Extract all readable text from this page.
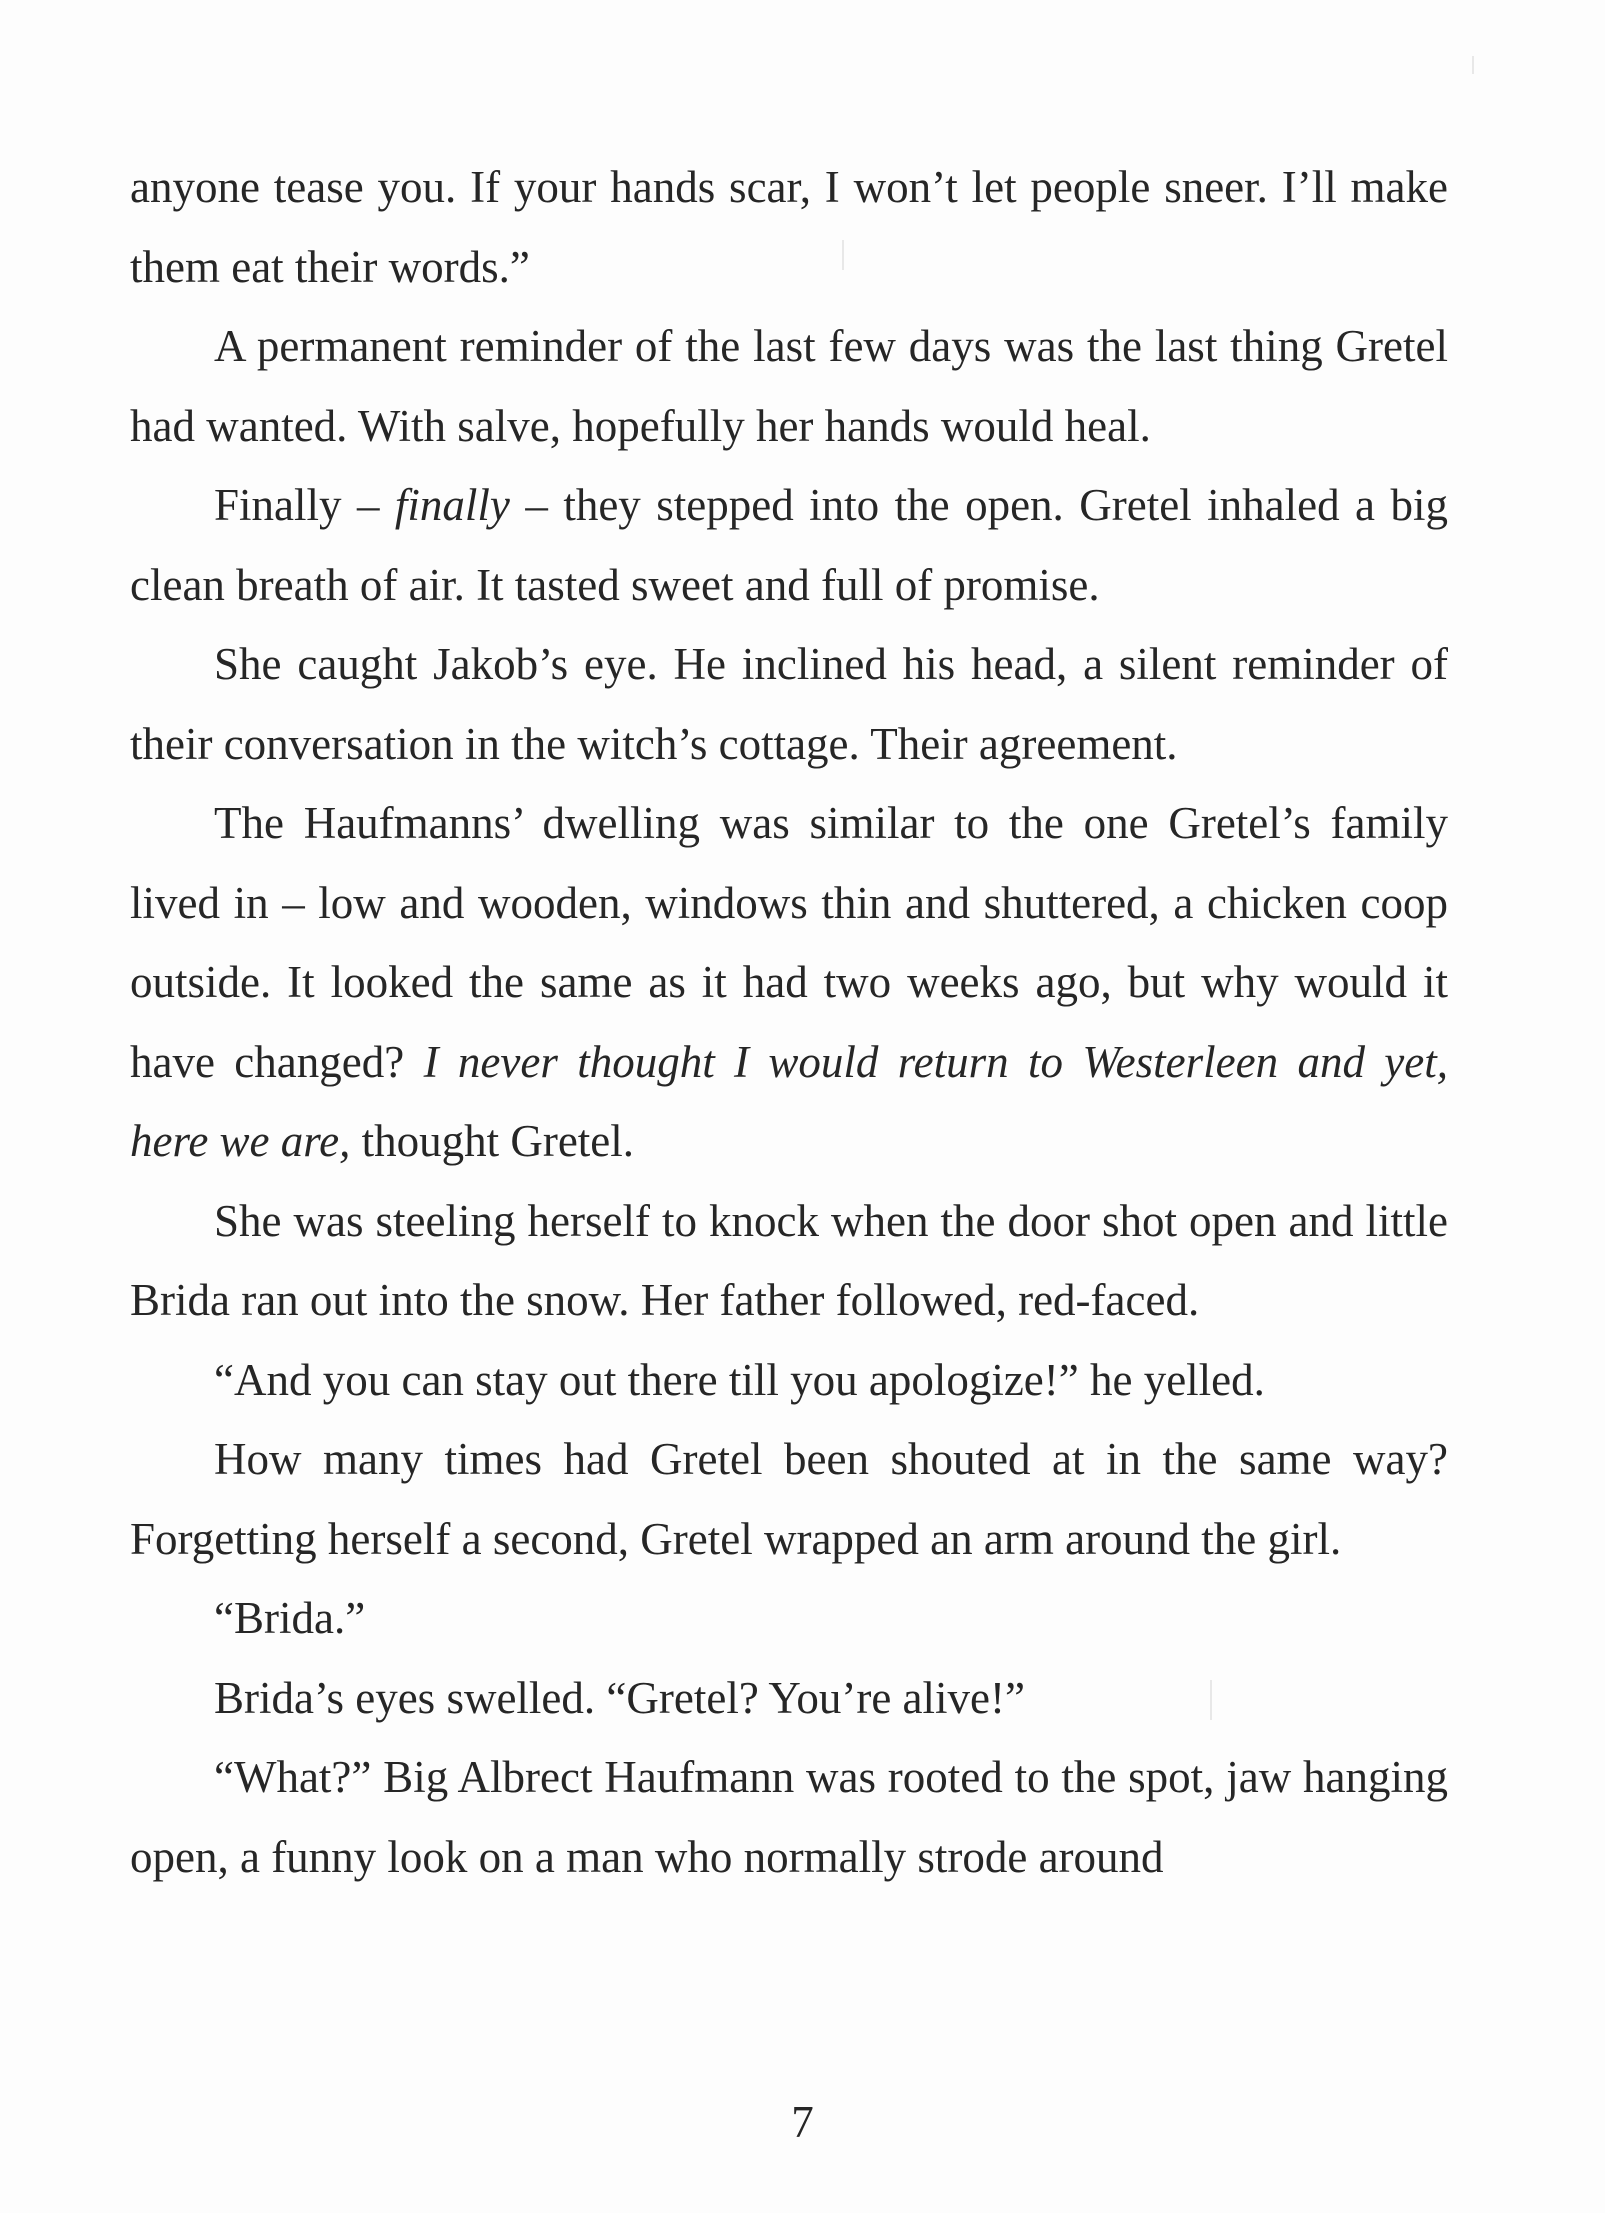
anyone tease you. If your hands scar, I won’t let people sneer. I’ll make them eat their words.”

A permanent reminder of the last few days was the last thing Gretel had wanted. With salve, hopefully her hands would heal.

Finally – finally – they stepped into the open. Gretel inhaled a big clean breath of air. It tasted sweet and full of promise.

She caught Jakob’s eye. He inclined his head, a silent reminder of their conversation in the witch’s cottage. Their agreement.

The Haufmanns’ dwelling was similar to the one Gretel’s family lived in – low and wooden, windows thin and shuttered, a chicken coop outside. It looked the same as it had two weeks ago, but why would it have changed? I never thought I would return to Westerleen and yet, here we are, thought Gretel.

She was steeling herself to knock when the door shot open and little Brida ran out into the snow. Her father followed, red-faced.

“And you can stay out there till you apologize!” he yelled.

How many times had Gretel been shouted at in the same way? Forgetting herself a second, Gretel wrapped an arm around the girl.

“Brida.”

Brida’s eyes swelled. “Gretel? You’re alive!”

“What?” Big Albrect Haufmann was rooted to the spot, jaw hanging open, a funny look on a man who normally strode around

7
